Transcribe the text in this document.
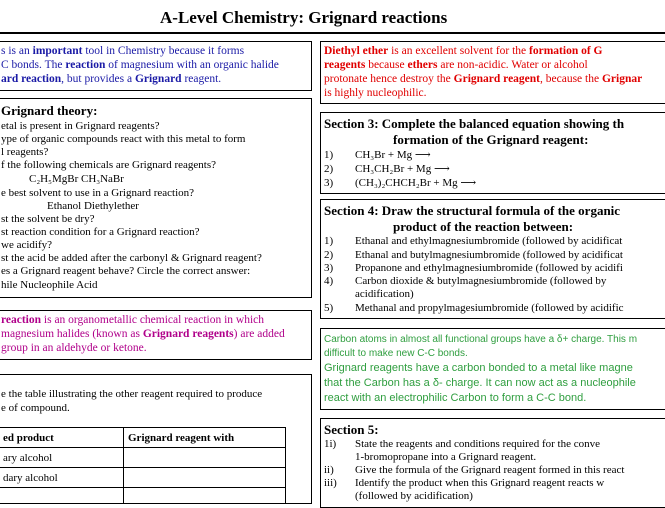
A-Level Chemistry: Grignard reactions
s is an important tool in Chemistry because it forms
C bonds. The reaction of magnesium with an organic halide
ard reaction, but provides a Grignard reagent.
Diethyl ether is an excellent solvent for the formation of G
reagents because ethers are non-acidic. Water or alcohol
protonate hence destroy the Grignard reagent, because the Grignar
is highly nucleophilic.
Grignard theory:
etal is present in Grignard reagents?
ype of organic compounds react with this metal to form
l reagents?
f the following chemicals are Grignard reagents?
C₂H₅MgBr CH₃NaBr
e best solvent to use in a Grignard reaction?
Ethanol Diethylether
st the solvent be dry?
st reaction condition for a Grignard reaction?
we acidify?
st the acid be added after the carbonyl & Grignard reagent?
es a Grignard reagent behave? Circle the correct answer:
hile Nucleophile Acid
reaction is an organometallic chemical reaction in which
magnesium halides (known as Grignard reagents) are added
group in an aldehyde or ketone.
e the table illustrating the other reagent required to produce
e of compound.
ed product	Grignard reagent with
ary alcohol	
dary alcohol	

Section 3: Complete the balanced equation showing th
formation of the Grignard reagent:
1) CH₃Br + Mg ⟶
2) CH₃CH₂Br + Mg ⟶
3) (CH₃)₂CHCH₂Br + Mg ⟶
Section 4: Draw the structural formula of the organic
product of the reaction between:
1) Ethanal and ethylmagnesiumbromide (followed by acidificat
2) Ethanal and butylmagnesiumbromide (followed by acidificat
3) Propanone and ethylmagnesiumbromide (followed by acidifi
4) Carbon dioxide & butylmagnesiumbromide (followed by
acidification)
5) Methanal and propylmagesiumbromide (followed by acidific
Carbon atoms in almost all functional groups have a δ+ charge. This m
difficult to make new C-C bonds.
Grignard reagents have a carbon bonded to a metal like magne
that the Carbon has a δ- charge. It can now act as a nucleophile
react with an electrophilic Carbon to form a C-C bond.
Section 5:
1i) State the reagents and conditions required for the conve
1-bromopropane into a Grignard reagent.
ii) Give the formula of the Grignard reagent formed in this react
iii) Identify the product when this Grignard reagent reacts w
(followed by acidification)
